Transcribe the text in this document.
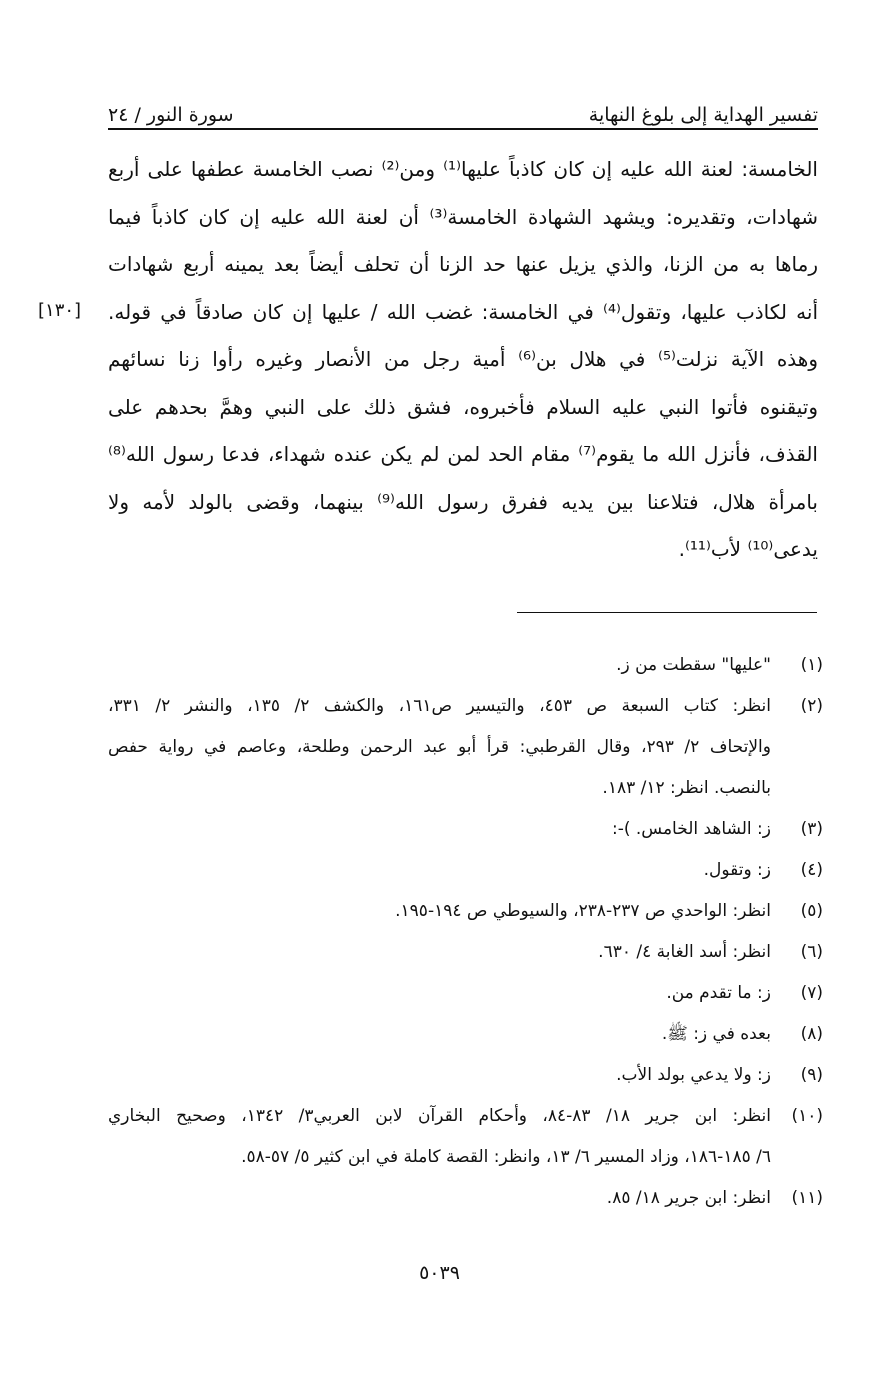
تفسير الهداية إلى بلوغ النهاية
سورة النور / ٢٤
[١٣٠]
الخامسة: لعنة الله عليه إن كان كاذباً عليها⁽¹⁾ ومن⁽²⁾ نصب الخامسة عطفها على أربع
شهادات، وتقديره: ويشهد الشهادة الخامسة⁽³⁾ أن لعنة الله عليه إن كان كاذباً فيما
رماها به من الزنا، والذي يزيل عنها حد الزنا أن تحلف أيضاً بعد يمينه أربع شهادات
أنه لكاذب عليها، وتقول⁽⁴⁾ في الخامسة: غضب الله / عليها إن كان صادقاً في قوله.
وهذه الآية نزلت⁽⁵⁾ في هلال بن⁽⁶⁾ أمية رجل من الأنصار وغيره رأوا زنا نسائهم
وتيقنوه فأتوا النبي عليه السلام فأخبروه، فشق ذلك على النبي وهمَّ بحدهم على
القذف، فأنزل الله ما يقوم⁽⁷⁾ مقام الحد لمن لم يكن عنده شهداء، فدعا رسول الله⁽⁸⁾
بامرأة هلال، فتلاعنا بين يديه ففرق رسول الله⁽⁹⁾ بينهما، وقضى بالولد لأمه ولا
يدعى⁽¹⁰⁾ لأب⁽¹¹⁾.
(١)
"عليها" سقطت من ز.
(٢)
انظر: كتاب السبعة ص ٤٥٣، والتيسير ص١٦١، والكشف ٢/ ١٣٥، والنشر ٢/ ٣٣١،
والإتحاف ٢/ ٢٩٣، وقال القرطبي: قرأ أبو عبد الرحمن وطلحة، وعاصم في رواية حفص
بالنصب. انظر: ١٢/ ١٨٣.
(٣)
ز: الشاهد الخامس. )-:
(٤)
ز: وتقول.
(٥)
انظر: الواحدي ص ٢٣٧-٢٣٨، والسيوطي ص ١٩٤-١٩٥.
(٦)
انظر: أسد الغابة ٤/ ٦٣٠.
(٧)
ز: ما تقدم من.
(٨)
بعده في ز: ﷺ.
(٩)
ز: ولا يدعي بولد الأب.
(١٠)
انظر: ابن جرير ١٨/ ٨٣-٨٤، وأحكام القرآن لابن العربي٣/ ١٣٤٢، وصحيح البخاري
٦/ ١٨٥-١٨٦، وزاد المسير ٦/ ١٣، وانظر: القصة كاملة في ابن كثير ٥/ ٥٧-٥٨.
(١١)
انظر: ابن جرير ١٨/ ٨٥.
٥٠٣٩
